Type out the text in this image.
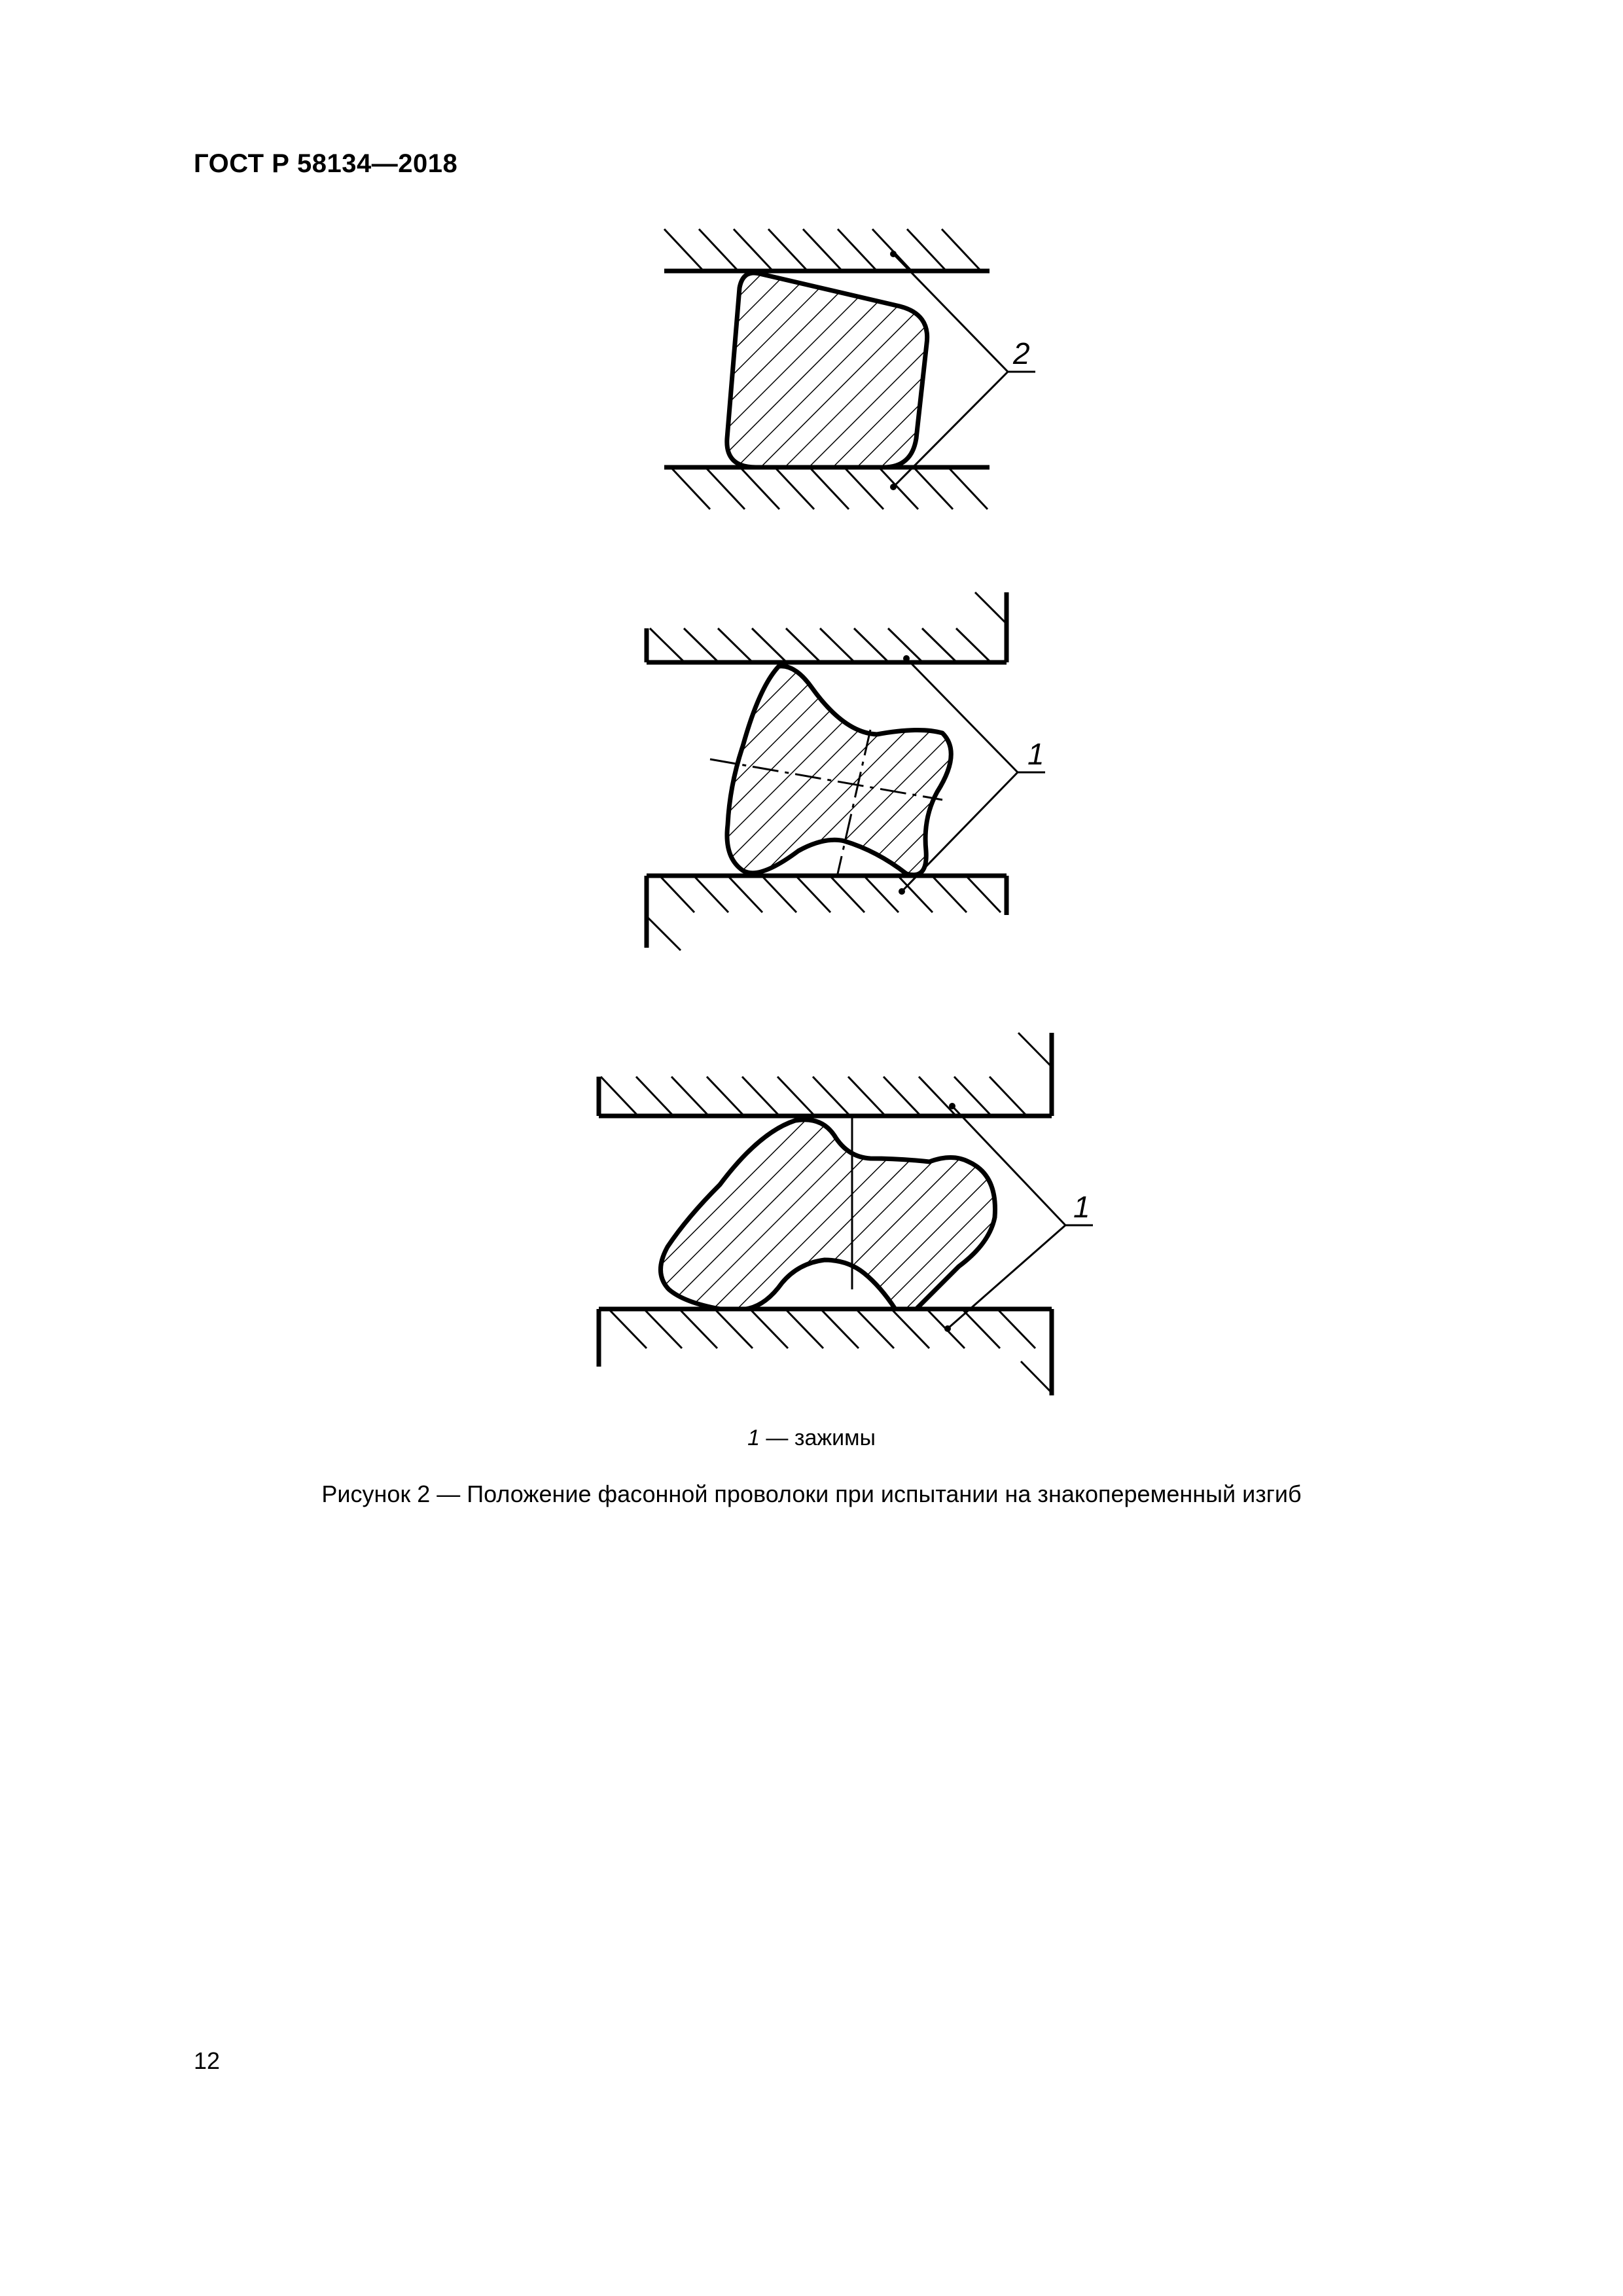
ГОСТ Р 58134—2018
2
1
1
1 — зажимы
Рисунок 2 — Положение фасонной проволоки при испытании на знакопеременный изгиб
12
